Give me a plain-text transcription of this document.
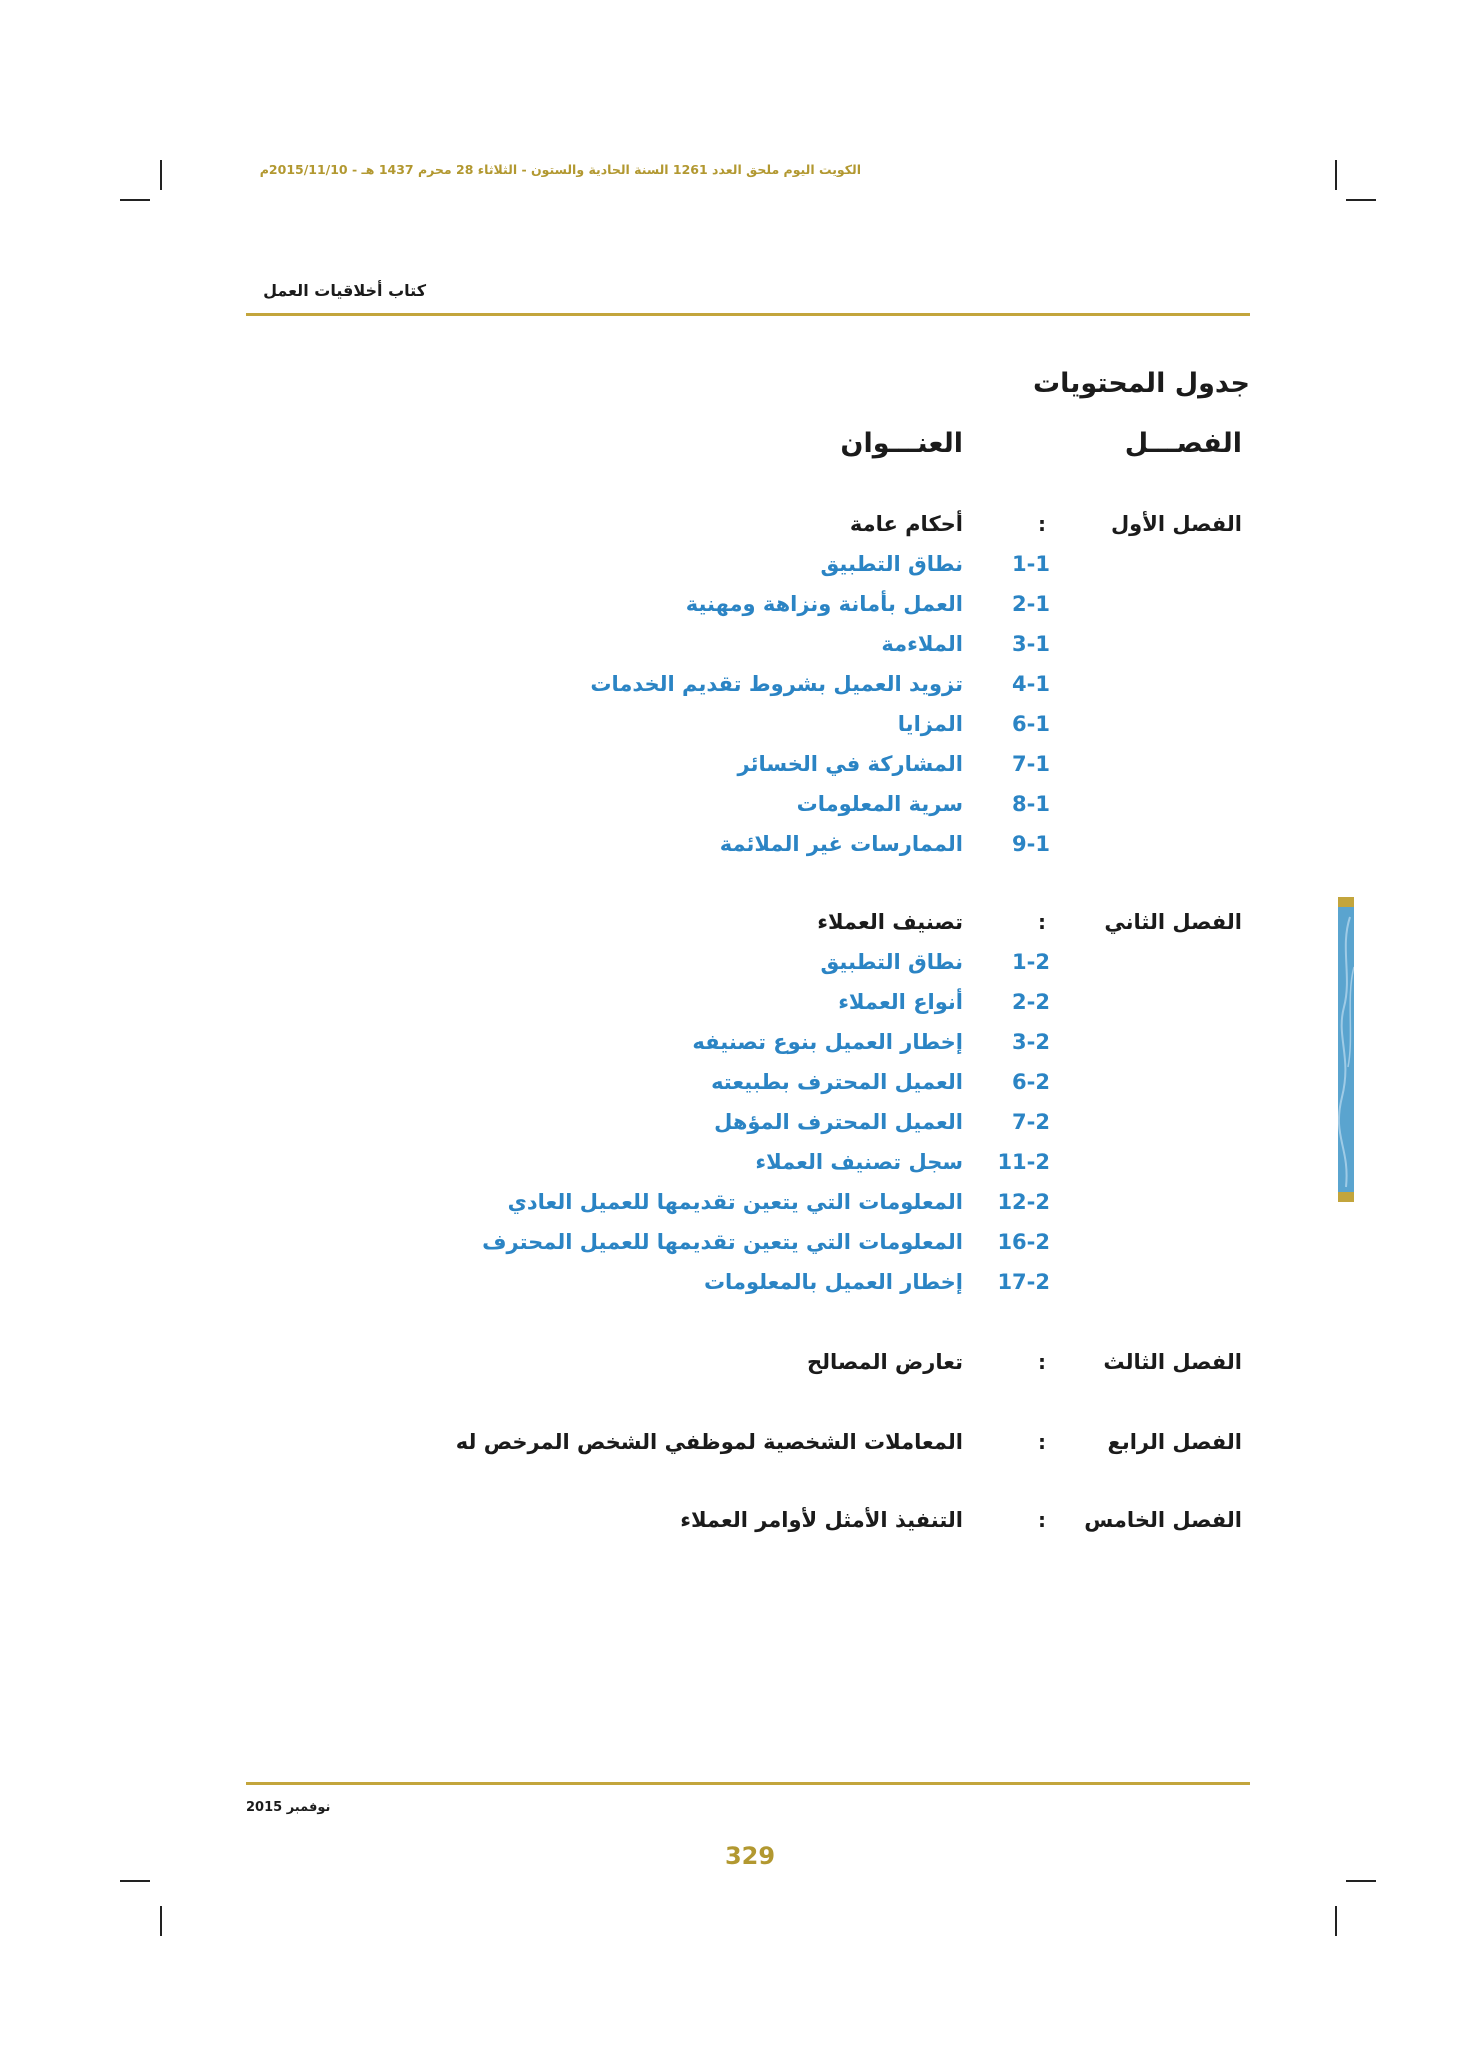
الكويت اليوم ملحق العدد 1261 السنة الحادية والستون - الثلاثاء 28 محرم 1437 هـ - 2015/11/10م
كتاب أخلاقيات العمل
جدول المحتويات
الفصـــل
العنـــوان
الفصل الأول
:
أحكام عامة
1-1
نطاق التطبيق
2-1
العمل بأمانة ونزاهة ومهنية
3-1
الملاءمة
4-1
تزويد العميل بشروط تقديم الخدمات
6-1
المزايا
7-1
المشاركة في الخسائر
8-1
سرية المعلومات
9-1
الممارسات غير الملائمة
الفصل الثاني
:
تصنيف العملاء
1-2
نطاق التطبيق
2-2
أنواع العملاء
3-2
إخطار العميل بنوع تصنيفه
6-2
العميل المحترف بطبيعته
7-2
العميل المحترف المؤهل
11-2
سجل تصنيف العملاء
12-2
المعلومات التي يتعين تقديمها للعميل العادي
16-2
المعلومات التي يتعين تقديمها للعميل المحترف
17-2
إخطار العميل بالمعلومات
الفصل الثالث
:
تعارض المصالح
الفصل الرابع
:
المعاملات الشخصية لموظفي الشخص المرخص له
الفصل الخامس
:
التنفيذ الأمثل لأوامر العملاء
نوفمبر 2015
329
